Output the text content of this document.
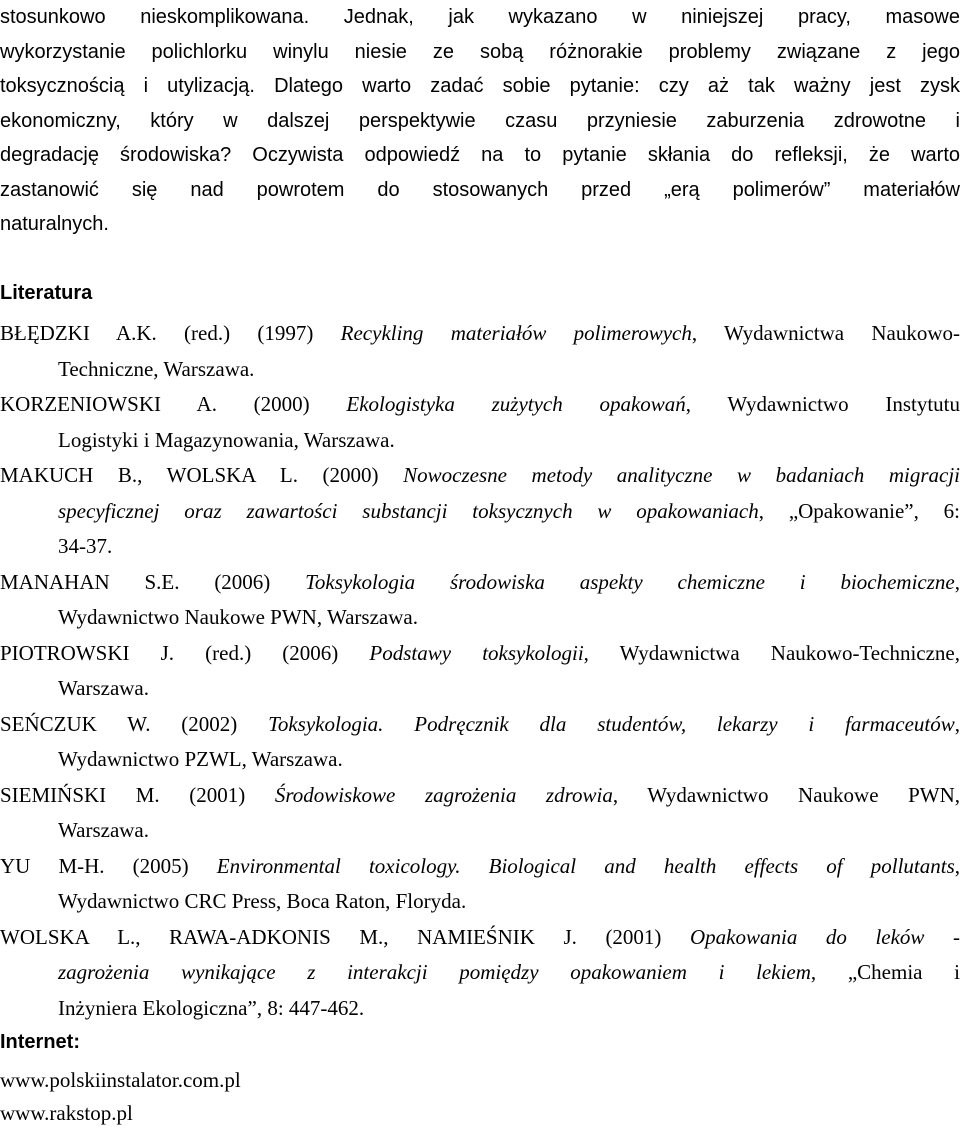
stosunkowo nieskomplikowana. Jednak, jak wykazano w niniejszej pracy, masowe
wykorzystanie polichlorku winylu niesie ze sobą różnorakie problemy związane z jego
toksycznością i utylizacją. Dlatego warto zadać sobie pytanie: czy aż tak ważny jest zysk
ekonomiczny, który w dalszej perspektywie czasu przyniesie zaburzenia zdrowotne i
degradację środowiska? Oczywista odpowiedź na to pytanie skłania do refleksji, że warto
zastanowić się nad powrotem do stosowanych przed „erą polimerów” materiałów
naturalnych.
Literatura
BŁĘDZKI A.K. (red.) (1997) Recykling materiałów polimerowych, Wydawnictwa Naukowo-
Techniczne, Warszawa.
KORZENIOWSKI A. (2000) Ekologistyka zużytych opakowań, Wydawnictwo Instytutu
Logistyki i Magazynowania, Warszawa.
MAKUCH B., WOLSKA L. (2000) Nowoczesne metody analityczne w badaniach migracji
specyficznej oraz zawartości substancji toksycznych w opakowaniach, „Opakowanie”, 6:
34-37.
MANAHAN S.E. (2006) Toksykologia środowiska aspekty chemiczne i biochemiczne,
Wydawnictwo Naukowe PWN, Warszawa.
PIOTROWSKI J. (red.) (2006) Podstawy toksykologii, Wydawnictwa Naukowo-Techniczne,
Warszawa.
SEŃCZUK W. (2002) Toksykologia. Podręcznik dla studentów, lekarzy i farmaceutów,
Wydawnictwo PZWL, Warszawa.
SIEMIŃSKI M. (2001) Środowiskowe zagrożenia zdrowia, Wydawnictwo Naukowe PWN,
Warszawa.
YU M-H. (2005) Environmental toxicology. Biological and health effects of pollutants,
Wydawnictwo CRC Press, Boca Raton, Floryda.
WOLSKA L., RAWA-ADKONIS M., NAMIEŚNIK J. (2001) Opakowania do leków -
zagrożenia wynikające z interakcji pomiędzy opakowaniem i lekiem, „Chemia i
Inżyniera Ekologiczna”, 8: 447-462.
Internet:
www.polskiinstalator.com.pl
www.rakstop.pl
